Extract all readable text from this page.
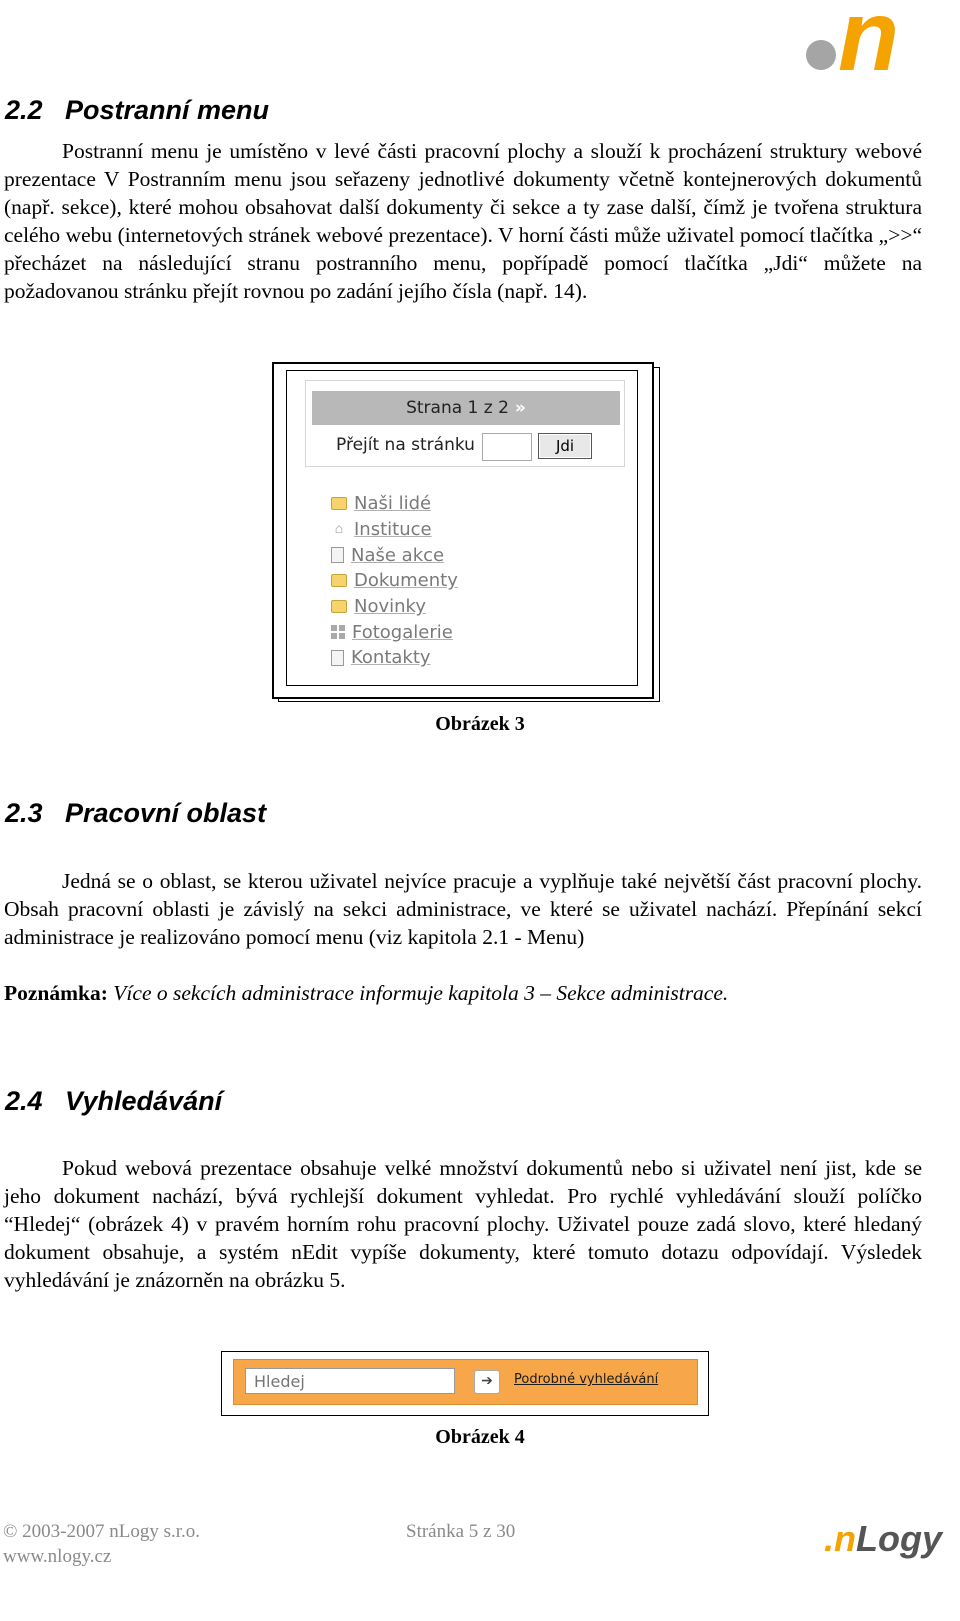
n
2.2 Postranní menu

Postranní menu je umístěno v levé části pracovní plochy a slouží k procházení struktury webové prezentace V Postranním menu jsou seřazeny jednotlivé dokumenty včetně kontejnerových dokumentů (např. sekce), které mohou obsahovat další dokumenty či sekce a ty zase další, čímž je tvořena struktura celého webu (internetových stránek webové prezentace). V horní části může uživatel pomocí tlačítka „>>“ přecházet na následující stranu postranního menu, popřípadě pomocí tlačítka „Jdi“ můžete na požadovanou stránku přejít rovnou po zadání jejího čísla (např. 14).

Strana 1 z 2 »
Přejít na stránku	Jdi
Naši lidé
⌂ Instituce
Naše akce
Dokumenty
Novinky
Fotogalerie
Kontakty
Obrázek 3
2.3 Pracovní oblast

Jedná se o oblast, se kterou uživatel nejvíce pracuje a vyplňuje také největší část pracovní plochy. Obsah pracovní oblasti je závislý na sekci administrace, ve které se uživatel nachází. Přepínání sekcí administrace je realizováno pomocí menu (viz kapitola 2.1 - Menu)

Poznámka: Více o sekcích administrace informuje kapitola 3 – Sekce administrace.

2.4 Vyhledávání

Pokud webová prezentace obsahuje velké množství dokumentů nebo si uživatel není jist, kde se jeho dokument nachází, bývá rychlejší dokument vyhledat. Pro rychlé vyhledávání slouží políčko “Hledej“ (obrázek 4) v pravém horním rohu pracovní plochy. Uživatel pouze zadá slovo, které hledaný dokument obsahuje, a systém nEdit vypíše dokumenty, které tomuto dotazu odpovídají. Výsledek vyhledávání je znázorněn na obrázku 5.

Hledej
➔	Podrobné vyhledávání
Obrázek 4
© 2003-2007 nLogy s.r.o.
www.nlogy.cz
Stránka 5 z 30	.nLogy
